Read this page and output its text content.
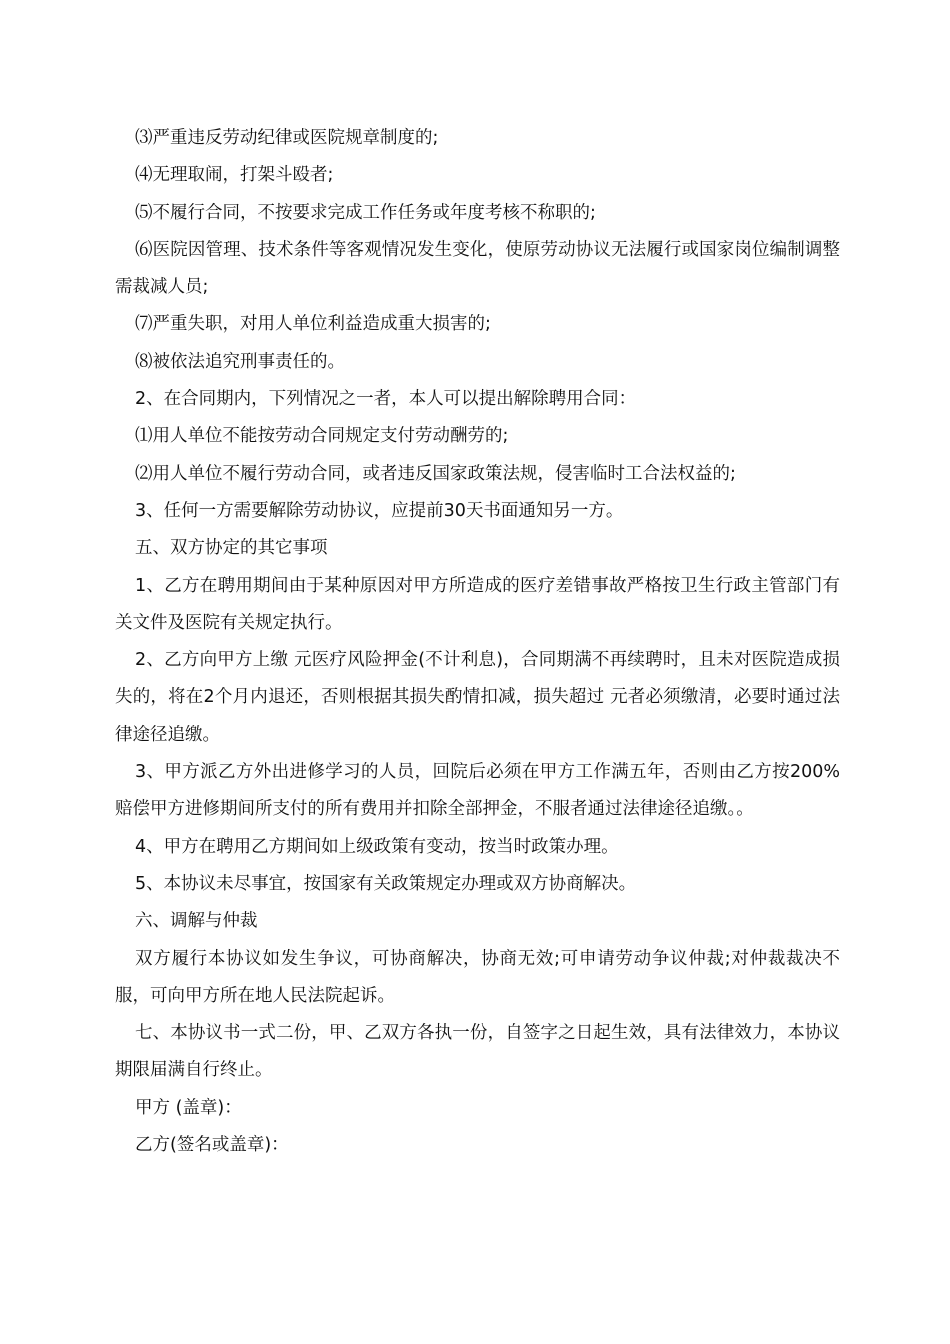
⑶严重违反劳动纪律或医院规章制度的;

⑷无理取闹，打架斗殴者;

⑸不履行合同，不按要求完成工作任务或年度考核不称职的;

⑹医院因管理、技术条件等客观情况发生变化，使原劳动协议无法履行或国家岗位编制调整需裁减人员;

⑺严重失职，对用人单位利益造成重大损害的;

⑻被依法追究刑事责任的。

2、在合同期内，下列情况之一者，本人可以提出解除聘用合同：

⑴用人单位不能按劳动合同规定支付劳动酬劳的;

⑵用人单位不履行劳动合同，或者违反国家政策法规，侵害临时工合法权益的;

3、任何一方需要解除劳动协议，应提前30天书面通知另一方。

五、双方协定的其它事项

1、乙方在聘用期间由于某种原因对甲方所造成的医疗差错事故严格按卫生行政主管部门有关文件及医院有关规定执行。

2、乙方向甲方上缴 元医疗风险押金(不计利息)，合同期满不再续聘时，且未对医院造成损失的，将在2个月内退还，否则根据其损失酌情扣减，损失超过 元者必须缴清，必要时通过法律途径追缴。

3、甲方派乙方外出进修学习的人员，回院后必须在甲方工作满五年，否则由乙方按200%赔偿甲方进修期间所支付的所有费用并扣除全部押金，不服者通过法律途径追缴。。

4、甲方在聘用乙方期间如上级政策有变动，按当时政策办理。

5、本协议未尽事宜，按国家有关政策规定办理或双方协商解决。

六、调解与仲裁

双方履行本协议如发生争议，可协商解决，协商无效;可申请劳动争议仲裁;对仲裁裁决不服，可向甲方所在地人民法院起诉。

七、本协议书一式二份，甲、乙双方各执一份，自签字之日起生效，具有法律效力，本协议期限届满自行终止。

甲方 (盖章)：

乙方(签名或盖章)：
